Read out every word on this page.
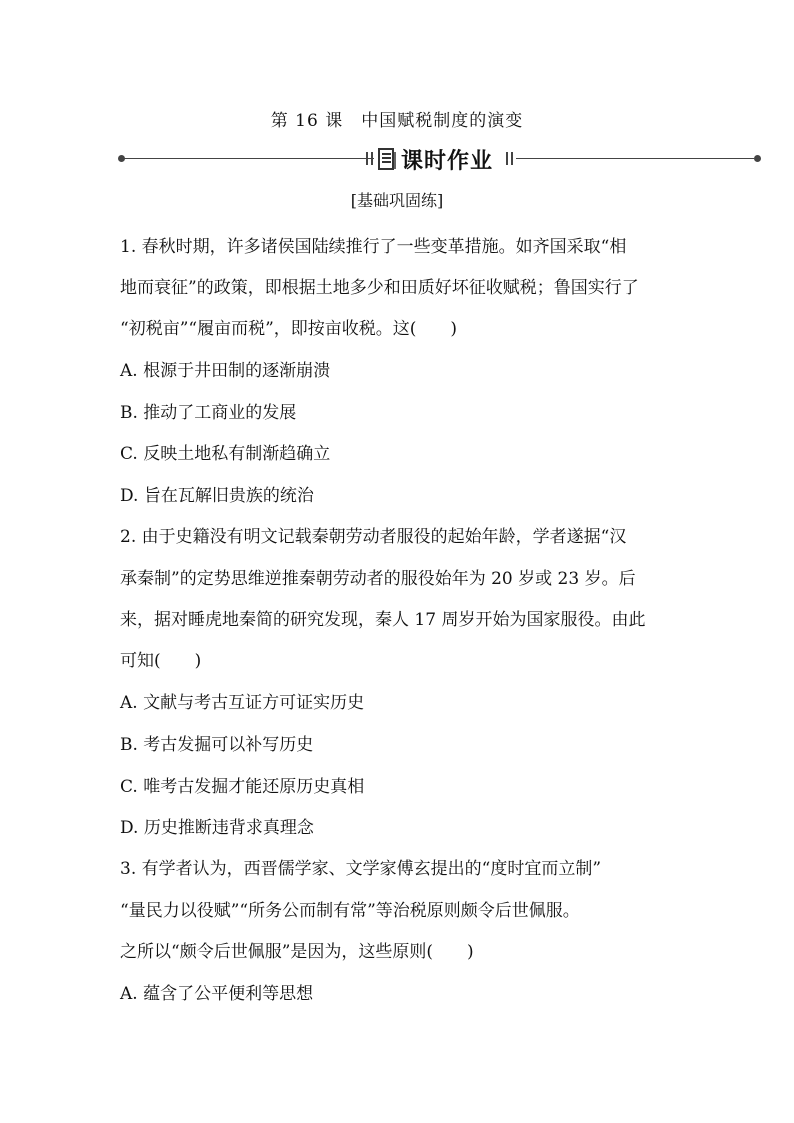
第 16 课　中国赋税制度的演变
课时作业
[基础巩固练]
1. 春秋时期，许多诸侯国陆续推行了一些变革措施。如齐国采取“相
地而衰征”的政策，即根据土地多少和田质好坏征收赋税；鲁国实行了
“初税亩”“履亩而税”，即按亩收税。这(　　)
A. 根源于井田制的逐渐崩溃
B. 推动了工商业的发展
C. 反映土地私有制渐趋确立
D. 旨在瓦解旧贵族的统治
2. 由于史籍没有明文记载秦朝劳动者服役的起始年龄，学者遂据“汉
承秦制”的定势思维逆推秦朝劳动者的服役始年为 20 岁或 23 岁。后
来，据对睡虎地秦简的研究发现，秦人 17 周岁开始为国家服役。由此
可知(　　)
A. 文献与考古互证方可证实历史
B. 考古发掘可以补写历史
C. 唯考古发掘才能还原历史真相
D. 历史推断违背求真理念
3. 有学者认为，西晋儒学家、文学家傅玄提出的“度时宜而立制”
“量民力以役赋”“所务公而制有常”等治税原则颇令后世佩服。
之所以“颇令后世佩服”是因为，这些原则(　　)
A. 蕴含了公平便利等思想
